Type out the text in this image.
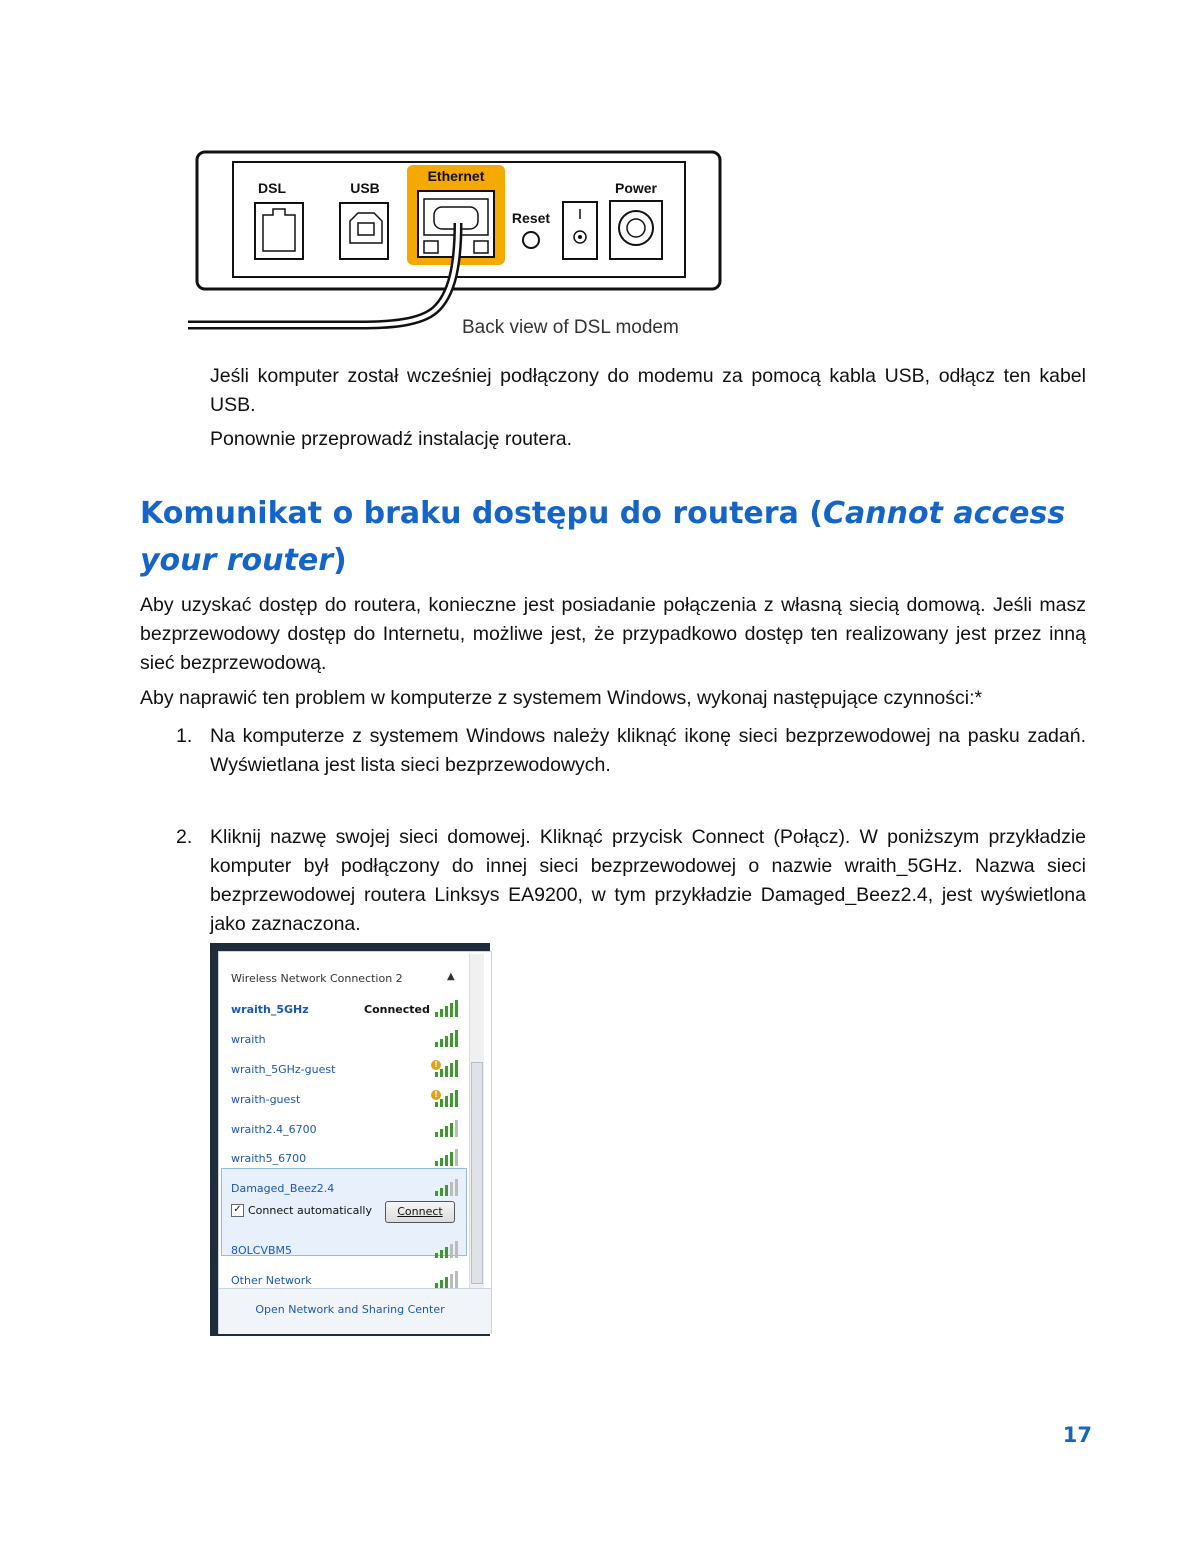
DSL	USB
Ethernet
Reset
Power
Back view of DSL modem

Jeśli komputer został wcześniej podłączony do modemu za pomocą kabla USB, odłącz ten kabel USB.

Ponownie przeprowadź instalację routera.

Komunikat o braku dostępu do routera (Cannot access your router)

Aby uzyskać dostęp do routera, konieczne jest posiadanie połączenia z własną siecią domową. Jeśli masz bezprzewodowy dostęp do Internetu, możliwe jest, że przypadkowo dostęp ten realizowany jest przez inną sieć bezprzewodową.

Aby naprawić ten problem w komputerze z systemem Windows, wykonaj następujące czynności:*

1. Na komputerze z systemem Windows należy kliknąć ikonę sieci bezprzewodowej na pasku zadań. Wyświetlana jest lista sieci bezprzewodowych.

2. Kliknij nazwę swojej sieci domowej. Kliknąć przycisk Connect (Połącz). W poniższym przykładzie komputer był podłączony do innej sieci bezprzewodowej o nazwie wraith_5GHz. Nazwa sieci bezprzewodowej routera Linksys EA9200, w tym przykładzie Damaged_Beez2.4, jest wyświetlona jako zaznaczona.

Wireless Network Connection 2	▲
wraith_5GHz	Connected
wraith
wraith_5GHz-guest	!
wraith-guest	!
wraith2.4_6700
wraith5_6700
Damaged_Beez2.4
✓ Connect automatically	Connect
8OLCVBM5
Other Network
Open Network and Sharing Center
17
